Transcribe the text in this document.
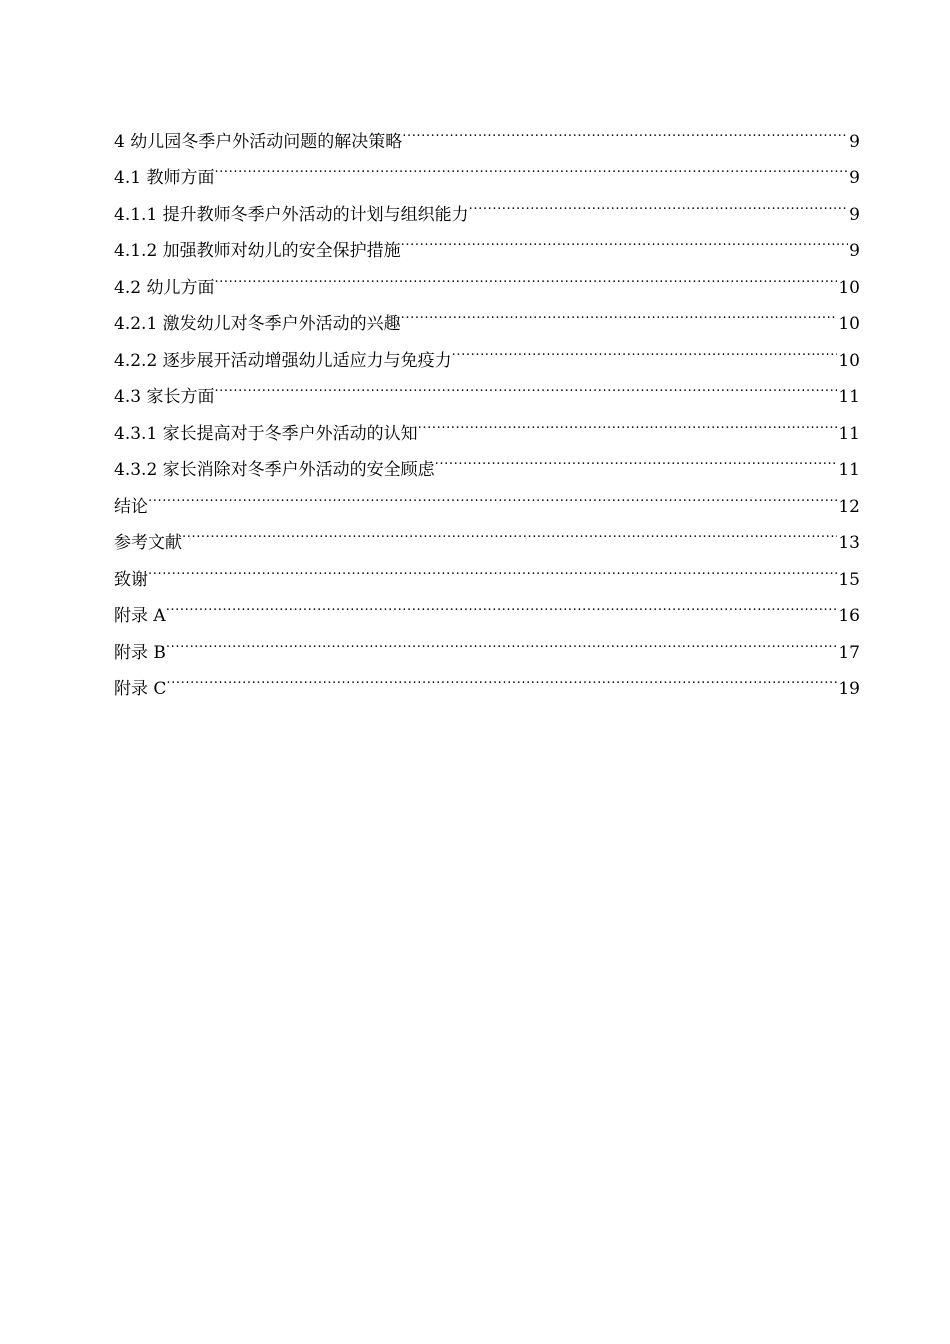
4 幼儿园冬季户外活动问题的解决策略 .....	9
4.1 教师方面 .....	9
4.1.1 提升教师冬季户外活动的计划与组织能力 .....	9
4.1.2 加强教师对幼儿的安全保护措施 .....	9
4.2 幼儿方面 .....	10
4.2.1 激发幼儿对冬季户外活动的兴趣 .....	10
4.2.2 逐步展开活动增强幼儿适应力与免疫力 .....	10
4.3 家长方面 .....	11
4.3.1 家长提高对于冬季户外活动的认知 .....	11
4.3.2 家长消除对冬季户外活动的安全顾虑 .....	11
结论 .....	12
参考文献 .....	13
致谢 .....	15
附录 A .....	16
附录 B .....	17
附录 C .....	19
